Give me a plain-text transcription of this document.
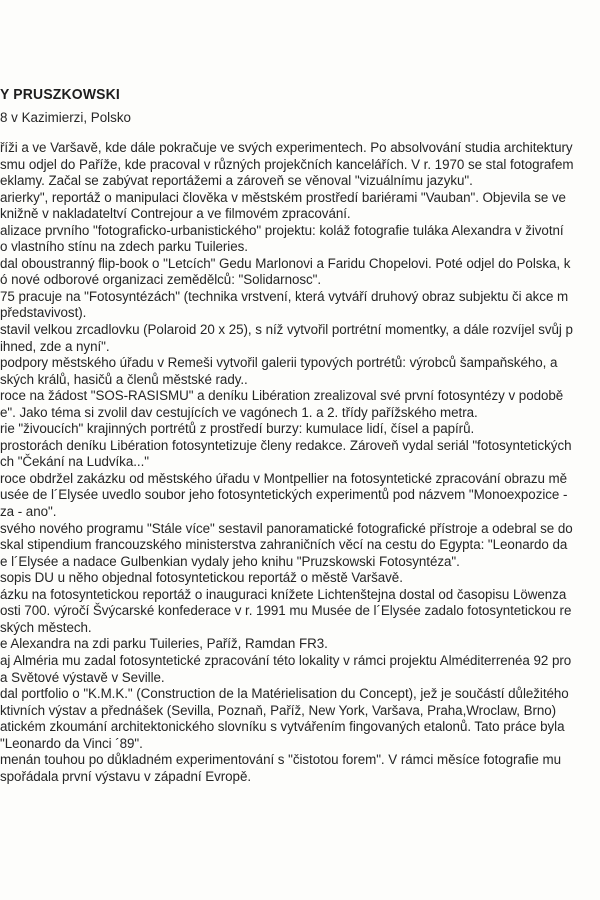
Y PRUSZKOWSKI
8 v Kazimierzi, Polsko
říži a ve Varšavě, kde dále pokračuje ve svých experimentech. Po absolvování studia architektury
smu odjel do Paříže, kde pracoval v různých projekčních kancelářích. V r. 1970 se stal fotografem
eklamy. Začal se zabývat reportážemi a zároveň se věnoval "vizuálnímu jazyku".
arierky", reportáž o manipulaci člověka v městském prostředí bariérami "Vauban". Objevila se ve
knižně v nakladateltví Contrejour a ve filmovém zpracování.
alizace prvního "fotograficko-urbanistického" projektu: koláž fotografie tuláka Alexandra v životní
o vlastního stínu na zdech parku Tuileries.
dal oboustranný flip-book o "Letcích" Gedu Marlonovi a Faridu Chopelovi. Poté odjel do Polska, k
ó nové odborové organizaci zemědělců: "Solidarnosc".
75 pracuje na "Fotosyntézách" (technika vrstvení, která vytváří druhový obraz subjektu či akce m
představivost).
stavil velkou zrcadlovku (Polaroid 20 x 25), s níž vytvořil portrétní momentky, a dále rozvíjel svůj p
ihned, zde a nyní".
podpory městského úřadu v Remeši vytvořil galerii typových portrétů: výrobců šampaňského, a
ských králů, hasičů a členů městské rady..
roce na žádost "SOS-RASISMU" a deníku Libération zrealizoval své první fotosyntézy v podobě
e". Jako téma si zvolil dav cestujících ve vagónech 1. a 2. třídy pařížského metra.
rie "živoucích" krajinných portrétů z prostředí burzy: kumulace lidí, čísel a papírů.
prostorách deníku Libération fotosyntetizuje členy redakce. Zároveň vydal seriál "fotosyntetických
ch "Čekání na Ludvíka..."
roce obdržel zakázku od městského úřadu v Montpellier na fotosyntetické zpracování obrazu mě
usée de l´Elysée uvedlo soubor jeho fotosyntetických experimentů pod názvem "Monoexpozice -
za - ano".
svého nového programu "Stále více" sestavil panoramatické fotografické přístroje a odebral se do
skal stipendium francouzského ministerstva zahraničních věcí na cestu do Egypta: "Leonardo da
e l´Elysée a nadace Gulbenkian vydaly jeho knihu "Pruzskowski Fotosyntéza".
sopis DU u něho objednal fotosyntetickou reportáž o městě Varšavě.
ázku na fotosyntetickou reportáž o inauguraci knížete Lichtenštejna dostal od časopisu Löwenza
osti 700. výročí Švýcarské konfederace v r. 1991 mu Musée de l´Elysée zadalo fotosyntetickou re
ských městech.
e Alexandra na zdi parku Tuileries, Paříž, Ramdan FR3.
aj Alméria mu zadal fotosyntetické zpracování této lokality v rámci projektu Alméditerrenéa 92 pro
a Světové výstavě v Seville.
dal portfolio o "K.M.K." (Construction de la Matérielisation du Concept), jež je součástí důležitého
ktivních výstav a přednášek (Sevilla, Poznaň, Paříž, New York, Varšava, Praha,Wroclaw, Brno)
atickém zkoumání architektonického slovníku s vytvářením fingovaných etalonů. Tato práce byla
"Leonardo da Vinci ´89".
menán touhou po důkladném experimentování s "čistotou forem". V rámci měsíce fotografie mu
spořádala první výstavu v západní Evropě.
